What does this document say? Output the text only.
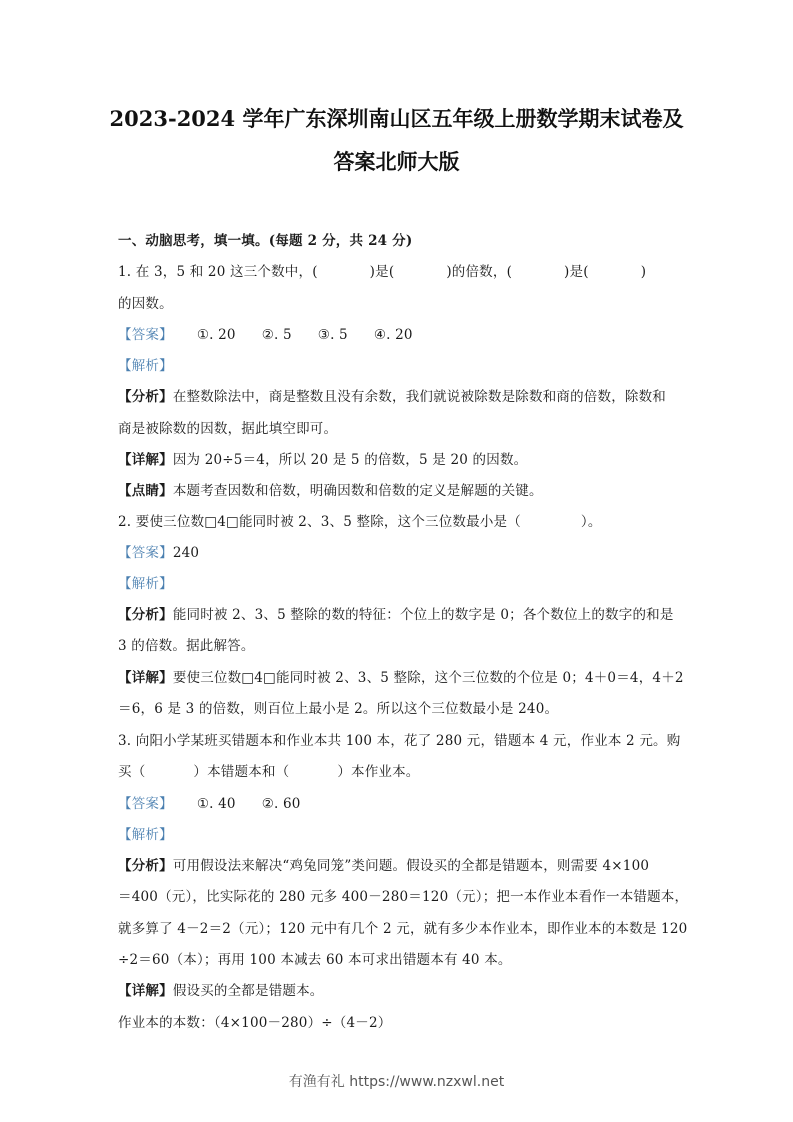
2023-2024 学年广东深圳南山区五年级上册数学期末试卷及
答案北师大版
一、动脑思考，填一填。(每题 2 分，共 24 分)
1. 在 3，5 和 20 这三个数中，(	)是(	)的倍数，(	)是(	)
的因数。
【答案】 ①. 20 ②. 5 ③. 5 ④. 20
【解析】
【分析】在整数除法中，商是整数且没有余数，我们就说被除数是除数和商的倍数，除数和
商是被除数的因数，据此填空即可。
【详解】因为 20÷5＝4，所以 20 是 5 的倍数，5 是 20 的因数。
【点睛】本题考查因数和倍数，明确因数和倍数的定义是解题的关键。
2. 要使三位数□4□能同时被 2、3、5 整除，这个三位数最小是（	）。
【答案】240
【解析】
【分析】能同时被 2、3、5 整除的数的特征：个位上的数字是 0；各个数位上的数字的和是
3 的倍数。据此解答。
【详解】要使三位数□4□能同时被 2、3、5 整除，这个三位数的个位是 0；4＋0＝4，4＋2
＝6，6 是 3 的倍数，则百位上最小是 2。所以这个三位数最小是 240。
3. 向阳小学某班买错题本和作业本共 100 本，花了 280 元，错题本 4 元，作业本 2 元。购
买（	）本错题本和（	）本作业本。
【答案】 ①. 40 ②. 60
【解析】
【分析】可用假设法来解决“鸡兔同笼”类问题。假设买的全都是错题本，则需要 4×100
＝400（元），比实际花的 280 元多 400－280＝120（元）；把一本作业本看作一本错题本，
就多算了 4－2＝2（元）；120 元中有几个 2 元，就有多少本作业本，即作业本的本数是 120
÷2＝60（本）；再用 100 本减去 60 本可求出错题本有 40 本。
【详解】假设买的全都是错题本。
作业本的本数：（4×100－280）÷（4－2）
有渔有礼 https://www.nzxwl.net
